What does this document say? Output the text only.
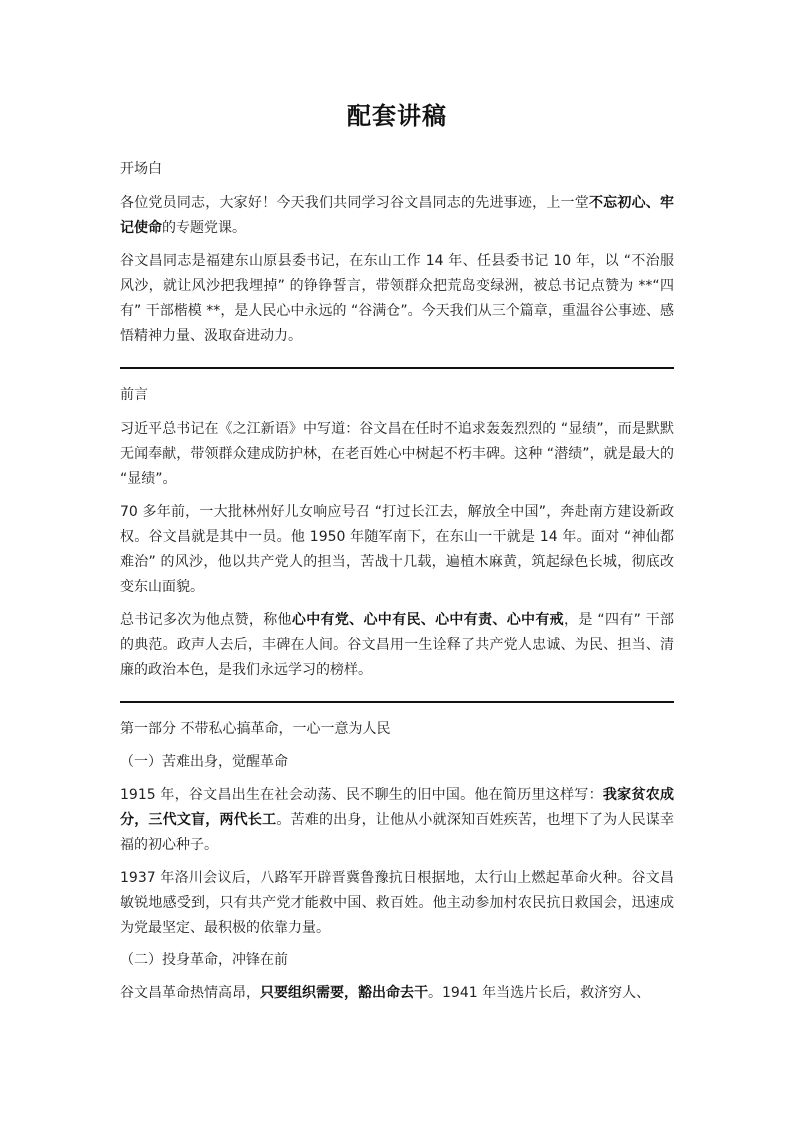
配套讲稿
开场白

各位党员同志，大家好！今天我们共同学习谷文昌同志的先进事迹，上一堂不忘初心、牢记使命的专题党课。

谷文昌同志是福建东山原县委书记，在东山工作 14 年、任县委书记 10 年，以 “不治服风沙，就让风沙把我埋掉” 的铮铮誓言，带领群众把荒岛变绿洲，被总书记点赞为 **“四有” 干部楷模 **，是人民心中永远的 “谷满仓”。今天我们从三个篇章，重温谷公事迹、感悟精神力量、汲取奋进动力。

前言

习近平总书记在《之江新语》中写道：谷文昌在任时不追求轰轰烈烈的 “显绩”，而是默默无闻奉献，带领群众建成防护林，在老百姓心中树起不朽丰碑。这种 “潜绩”，就是最大的 “显绩”。

70 多年前，一大批林州好儿女响应号召 “打过长江去，解放全中国”，奔赴南方建设新政权。谷文昌就是其中一员。他 1950 年随军南下，在东山一干就是 14 年。面对 “神仙都难治” 的风沙，他以共产党人的担当，苦战十几载，遍植木麻黄，筑起绿色长城，彻底改变东山面貌。

总书记多次为他点赞，称他心中有党、心中有民、心中有责、心中有戒，是 “四有” 干部的典范。政声人去后，丰碑在人间。谷文昌用一生诠释了共产党人忠诚、为民、担当、清廉的政治本色，是我们永远学习的榜样。

第一部分 不带私心搞革命，一心一意为人民
（一）苦难出身，觉醒革命

1915 年，谷文昌出生在社会动荡、民不聊生的旧中国。他在简历里这样写：我家贫农成分，三代文盲，两代长工。苦难的出身，让他从小就深知百姓疾苦，也埋下了为人民谋幸福的初心种子。

1937 年洛川会议后，八路军开辟晋冀鲁豫抗日根据地，太行山上燃起革命火种。谷文昌敏锐地感受到，只有共产党才能救中国、救百姓。他主动参加村农民抗日救国会，迅速成为党最坚定、最积极的依靠力量。

（二）投身革命，冲锋在前

谷文昌革命热情高昂，只要组织需要，豁出命去干。1941 年当选片长后，救济穷人、
